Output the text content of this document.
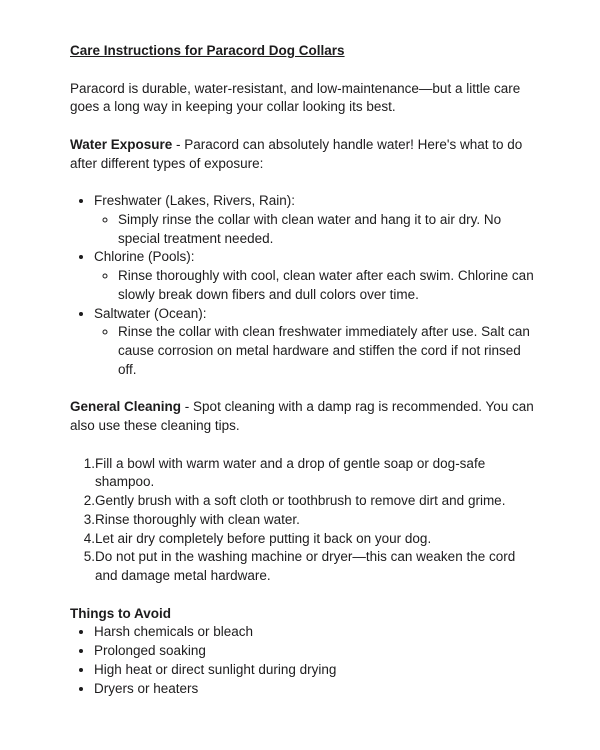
Care Instructions for Paracord Dog Collars

Paracord is durable, water-resistant, and low-maintenance—but a little care goes a long way in keeping your collar looking its best.

Water Exposure - Paracord can absolutely handle water! Here's what to do after different types of exposure:

• Freshwater (Lakes, Rivers, Rain):
◦ Simply rinse the collar with clean water and hang it to air dry. No special treatment needed.
• Chlorine (Pools):
◦ Rinse thoroughly with cool, clean water after each swim. Chlorine can slowly break down fibers and dull colors over time.
• Saltwater (Ocean):
◦ Rinse the collar with clean freshwater immediately after use. Salt can cause corrosion on metal hardware and stiffen the cord if not rinsed off.

General Cleaning - Spot cleaning with a damp rag is recommended. You can also use these cleaning tips.

Fill a bowl with warm water and a drop of gentle soap or dog-safe shampoo.
Gently brush with a soft cloth or toothbrush to remove dirt and grime.
Rinse thoroughly with clean water.
Let air dry completely before putting it back on your dog.
Do not put in the washing machine or dryer—this can weaken the cord and damage metal hardware.

Things to Avoid

• Harsh chemicals or bleach
• Prolonged soaking
• High heat or direct sunlight during drying
• Dryers or heaters
